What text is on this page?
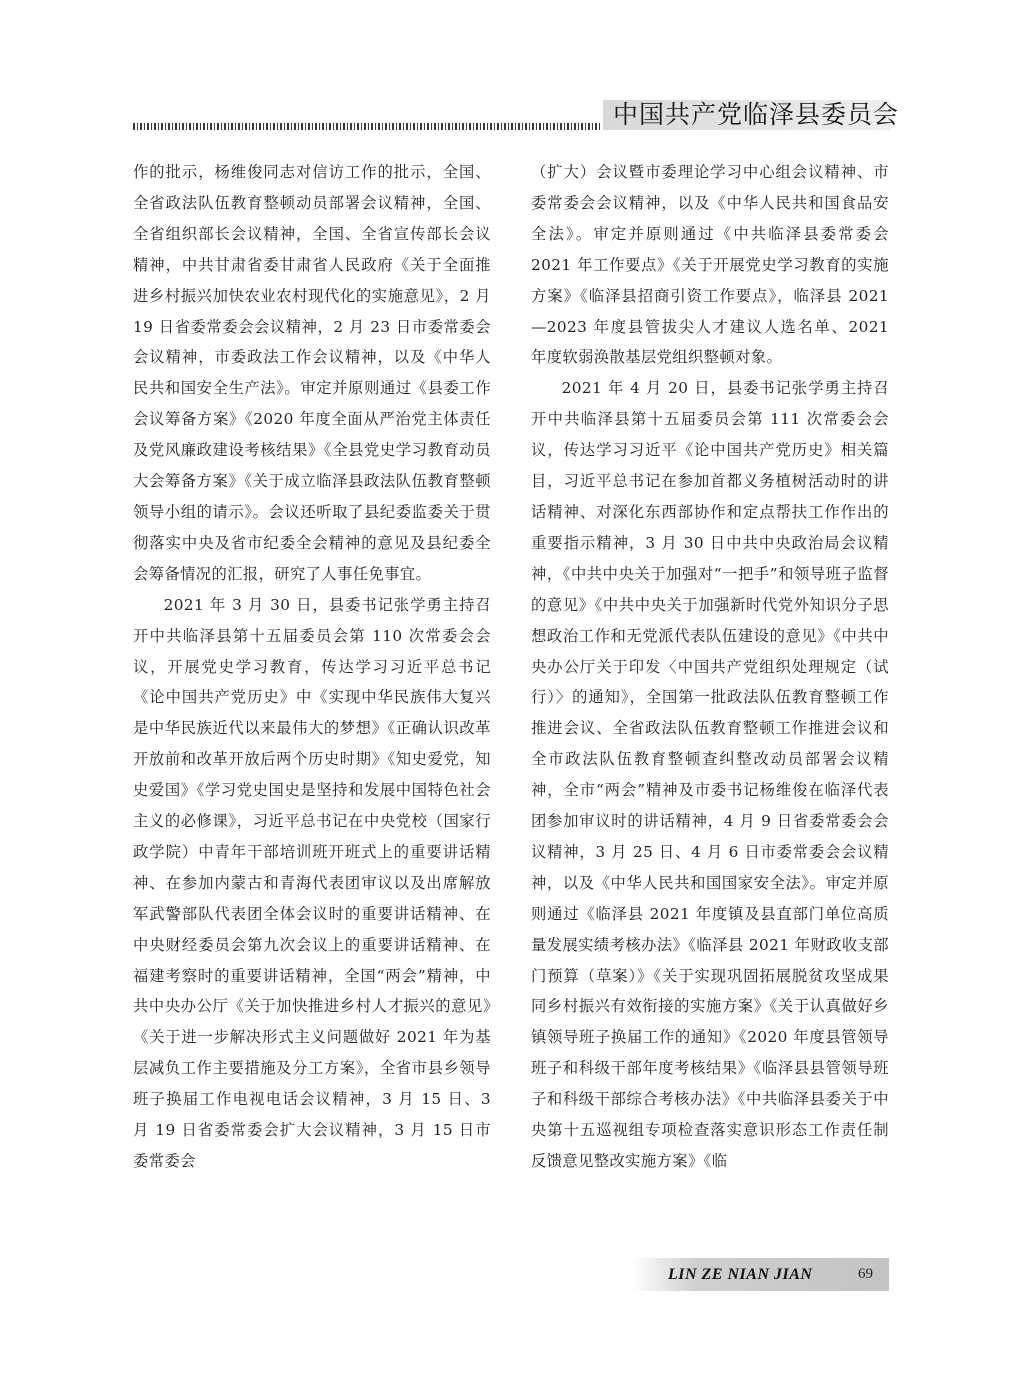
中国共产党临泽县委员会

作的批示，杨维俊同志对信访工作的批示，全国、全省政法队伍教育整顿动员部署会议精神，全国、全省组织部长会议精神，全国、全省宣传部长会议精神，中共甘肃省委甘肃省人民政府《关于全面推进乡村振兴加快农业农村现代化的实施意见》，2 月 19 日省委常委会会议精神，2 月 23 日市委常委会会议精神，市委政法工作会议精神，以及《中华人民共和国安全生产法》。审定并原则通过《县委工作会议筹备方案》《2020 年度全面从严治党主体责任及党风廉政建设考核结果》《全县党史学习教育动员大会筹备方案》《关于成立临泽县政法队伍教育整顿领导小组的请示》。会议还听取了县纪委监委关于贯彻落实中央及省市纪委全会精神的意见及县纪委全会筹备情况的汇报，研究了人事任免事宜。

2021 年 3 月 30 日，县委书记张学勇主持召开中共临泽县第十五届委员会第 110 次常委会会议，开展党史学习教育，传达学习习近平总书记《论中国共产党历史》中《实现中华民族伟大复兴是中华民族近代以来最伟大的梦想》《正确认识改革开放前和改革开放后两个历史时期》《知史爱党，知史爱国》《学习党史国史是坚持和发展中国特色社会主义的必修课》，习近平总书记在中央党校（国家行政学院）中青年干部培训班开班式上的重要讲话精神、在参加内蒙古和青海代表团审议以及出席解放军武警部队代表团全体会议时的重要讲话精神、在中央财经委员会第九次会议上的重要讲话精神、在福建考察时的重要讲话精神，全国“两会”精神，中共中央办公厅《关于加快推进乡村人才振兴的意见》《关于进一步解决形式主义问题做好 2021 年为基层减负工作主要措施及分工方案》，全省市县乡领导班子换届工作电视电话会议精神，3 月 15 日、3 月 19 日省委常委会扩大会议精神，3 月 15 日市委常委会

（扩大）会议暨市委理论学习中心组会议精神、市委常委会会议精神，以及《中华人民共和国食品安全法》。审定并原则通过《中共临泽县委常委会 2021 年工作要点》《关于开展党史学习教育的实施方案》《临泽县招商引资工作要点》，临泽县 2021—2023 年度县管拔尖人才建议人选名单、2021 年度软弱涣散基层党组织整顿对象。

2021 年 4 月 20 日，县委书记张学勇主持召开中共临泽县第十五届委员会第 111 次常委会会议，传达学习习近平《论中国共产党历史》相关篇目，习近平总书记在参加首都义务植树活动时的讲话精神、对深化东西部协作和定点帮扶工作作出的重要指示精神，3 月 30 日中共中央政治局会议精神，《中共中央关于加强对“一把手”和领导班子监督的意见》《中共中央关于加强新时代党外知识分子思想政治工作和无党派代表队伍建设的意见》《中共中央办公厅关于印发〈中国共产党组织处理规定（试行）〉的通知》，全国第一批政法队伍教育整顿工作推进会议、全省政法队伍教育整顿工作推进会议和全市政法队伍教育整顿查纠整改动员部署会议精神，全市“两会”精神及市委书记杨维俊在临泽代表团参加审议时的讲话精神，4 月 9 日省委常委会会议精神，3 月 25 日、4 月 6 日市委常委会会议精神，以及《中华人民共和国国家安全法》。审定并原则通过《临泽县 2021 年度镇及县直部门单位高质量发展实绩考核办法》《临泽县 2021 年财政收支部门预算（草案）》《关于实现巩固拓展脱贫攻坚成果同乡村振兴有效衔接的实施方案》《关于认真做好乡镇领导班子换届工作的通知》《2020 年度县管领导班子和科级干部年度考核结果》《临泽县县管领导班子和科级干部综合考核办法》《中共临泽县委关于中央第十五巡视组专项检查落实意识形态工作责任制反馈意见整改实施方案》《临

LIN ZE NIAN JIAN	69
